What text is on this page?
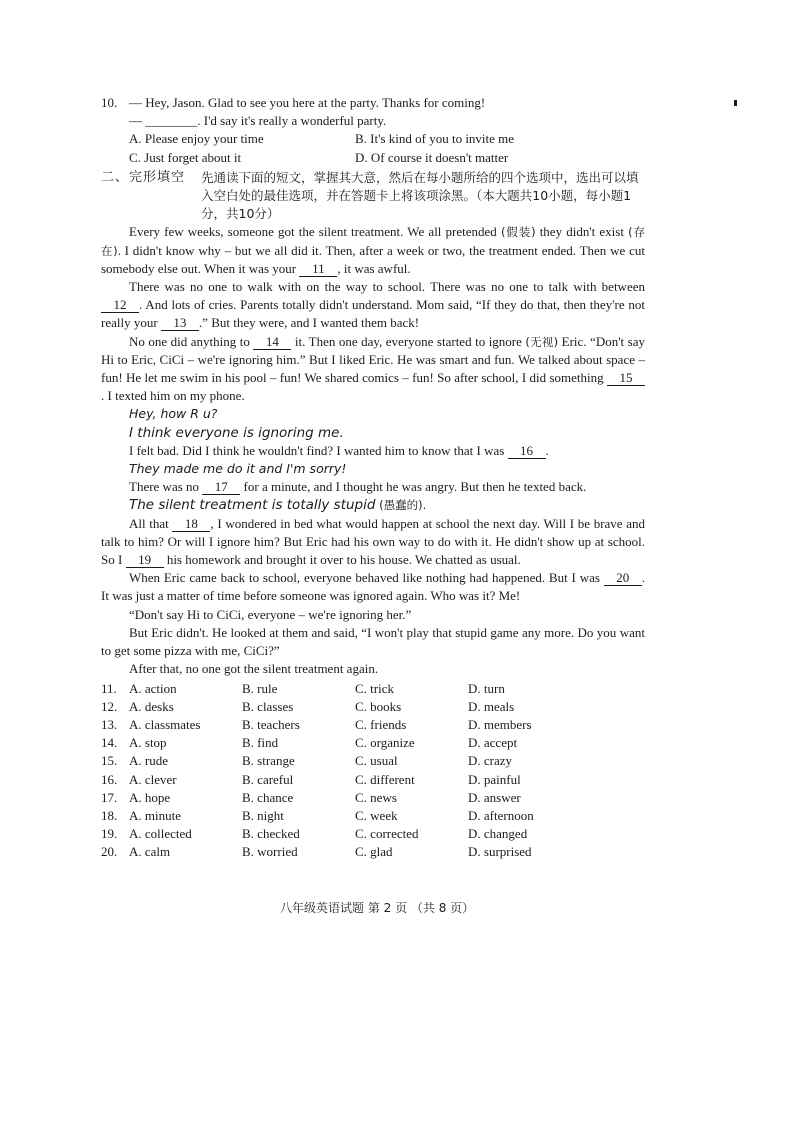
10. — Hey, Jason. Glad to see you here at the party. Thanks for coming!
— ________. I'd say it's really a wonderful party.
A. Please enjoy your time	B. It's kind of you to invite me
C. Just forget about it	D. Of course it doesn't matter
二、完形填空	先通读下面的短文，掌握其大意，然后在每小题所给的四个选项中，选出可以填入空白处的最佳选项，并在答题卡上将该项涂黑。（本大题共10小题，每小题1分，共10分）

Every few weeks, someone got the silent treatment. We all pretended (假装) they didn't exist (存在). I didn't know why – but we all did it. Then, after a week or two, the treatment ended. Then we cut somebody else out. When it was your 11 , it was awful.

There was no one to walk with on the way to school. There was no one to talk with between 12 . And lots of cries. Parents totally didn't understand. Mom said, “If they do that, then they're not really your 13 .” But they were, and I wanted them back!

No one did anything to 14 it. Then one day, everyone started to ignore (无视) Eric. “Don't say Hi to Eric, CiCi – we're ignoring him.” But I liked Eric. He was smart and fun. We talked about space – fun! He let me swim in his pool – fun! We shared comics – fun! So after school, I did something 15. I texted him on my phone.

Hey, how R u?
I think everyone is ignoring me.

I felt bad. Did I think he wouldn't find? I wanted him to know that I was 16 .

They made me do it and I'm sorry!

There was no 17 for a minute, and I thought he was angry. But then he texted back.

The silent treatment is totally stupid (愚蠢的).

All that 18 , I wondered in bed what would happen at school the next day. Will I be brave and talk to him? Or will I ignore him? But Eric had his own way to do with it. He didn't show up at school. So I 19 his homework and brought it over to his house. We chatted as usual.

When Eric came back to school, everyone behaved like nothing had happened. But I was 20 . It was just a matter of time before someone was ignored again. Who was it? Me!

“Don't say Hi to CiCi, everyone – we're ignoring her.”

But Eric didn't. He looked at them and said, “I won't play that stupid game any more. Do you want to get some pizza with me, CiCi?”

After that, no one got the silent treatment again.

11. A. action	B. rule	C. trick	D. turn
12. A. desks	B. classes	C. books	D. meals
13. A. classmates	B. teachers	C. friends	D. members
14. A. stop	B. find	C. organize	D. accept
15. A. rude	B. strange	C. usual	D. crazy
16. A. clever	B. careful	C. different	D. painful
17. A. hope	B. chance	C. news	D. answer
18. A. minute	B. night	C. week	D. afternoon
19. A. collected	B. checked	C. corrected	D. changed
20. A. calm	B. worried	C. glad	D. surprised
八年级英语试题 第 2 页 （共 8 页）
